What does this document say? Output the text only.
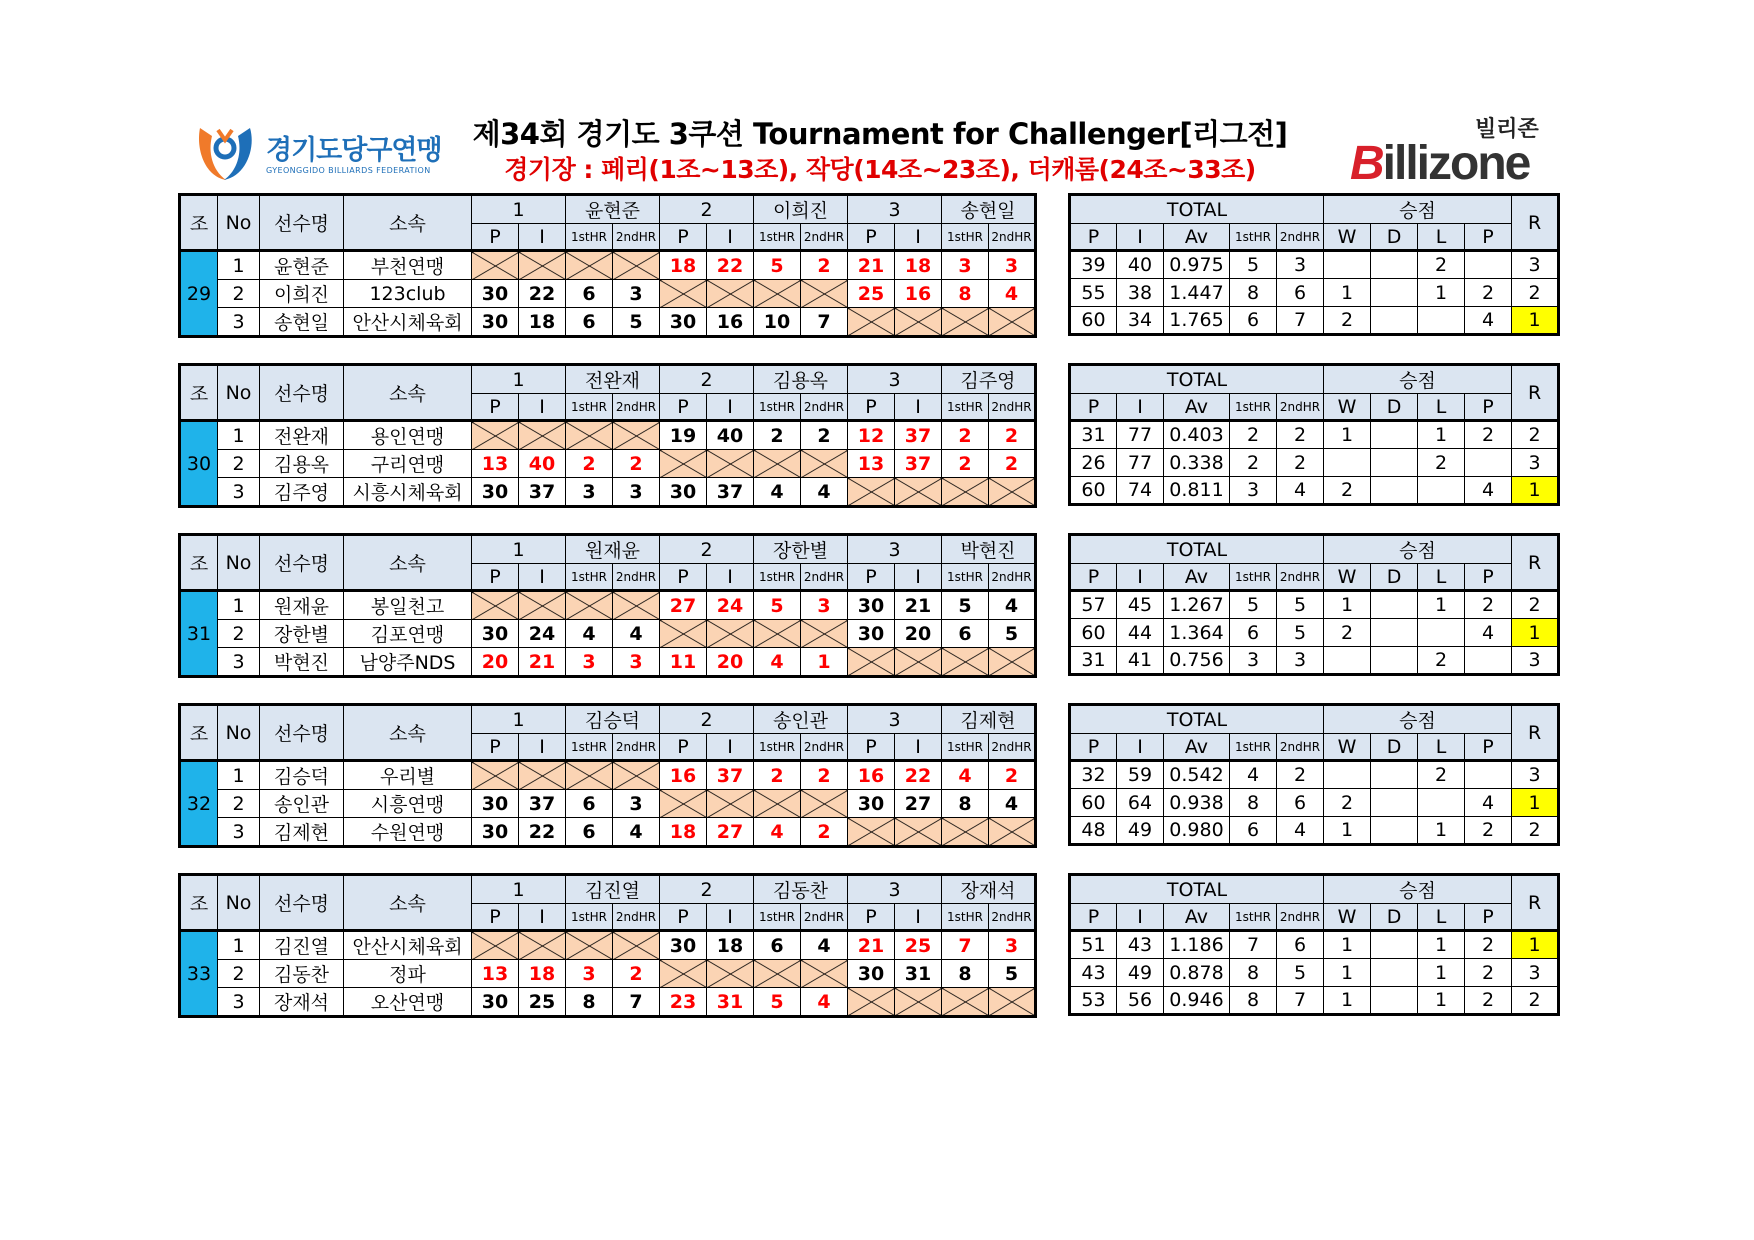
경기도당구연맹
GYEONGGIDO BILLIARDS FEDERATION
제34회 경기도 3쿠션 Tournament for Challenger[리그전]
경기장 : 페리(1조~13조), 작당(14조~23조), 더캐롬(24조~33조)
빌리존
Billizone
조	No	선수명	소속	1		윤현준		2		이희진		3		송현일	
				P	I	1stHR	2ndHR	P	I	1stHR	2ndHR	P	I	1stHR	2ndHR
29	1	윤현준	부천연맹					18	22	5	2	21	18	3	3
	2	이희진	123club	30	22	6	3					25	16	8	4
	3	송현일	안산시체육회	30	18	6	5	30	16	10	7				
TOTAL					승점				R
P	I	Av	1stHR	2ndHR	W	D	L	P	
39	40	0.975	5	3			2		3
55	38	1.447	8	6	1		1	2	2
60	34	1.765	6	7	2			4	1
조	No	선수명	소속	1		전완재		2		김용옥		3		김주영	
				P	I	1stHR	2ndHR	P	I	1stHR	2ndHR	P	I	1stHR	2ndHR
30	1	전완재	용인연맹					19	40	2	2	12	37	2	2
	2	김용옥	구리연맹	13	40	2	2					13	37	2	2
	3	김주영	시흥시체육회	30	37	3	3	30	37	4	4				
TOTAL					승점				R
P	I	Av	1stHR	2ndHR	W	D	L	P	
31	77	0.403	2	2	1		1	2	2
26	77	0.338	2	2			2		3
60	74	0.811	3	4	2			4	1
조	No	선수명	소속	1		원재윤		2		장한별		3		박현진	
				P	I	1stHR	2ndHR	P	I	1stHR	2ndHR	P	I	1stHR	2ndHR
31	1	원재윤	봉일천고					27	24	5	3	30	21	5	4
	2	장한별	김포연맹	30	24	4	4					30	20	6	5
	3	박현진	남양주NDS	20	21	3	3	11	20	4	1				
TOTAL					승점				R
P	I	Av	1stHR	2ndHR	W	D	L	P	
57	45	1.267	5	5	1		1	2	2
60	44	1.364	6	5	2			4	1
31	41	0.756	3	3			2		3
조	No	선수명	소속	1		김승덕		2		송인관		3		김제현	
				P	I	1stHR	2ndHR	P	I	1stHR	2ndHR	P	I	1stHR	2ndHR
32	1	김승덕	우리별					16	37	2	2	16	22	4	2
	2	송인관	시흥연맹	30	37	6	3					30	27	8	4
	3	김제현	수원연맹	30	22	6	4	18	27	4	2				
TOTAL					승점				R
P	I	Av	1stHR	2ndHR	W	D	L	P	
32	59	0.542	4	2			2		3
60	64	0.938	8	6	2			4	1
48	49	0.980	6	4	1		1	2	2
조	No	선수명	소속	1		김진열		2		김동찬		3		장재석	
				P	I	1stHR	2ndHR	P	I	1stHR	2ndHR	P	I	1stHR	2ndHR
33	1	김진열	안산시체육회					30	18	6	4	21	25	7	3
	2	김동찬	정파	13	18	3	2					30	31	8	5
	3	장재석	오산연맹	30	25	8	7	23	31	5	4				
TOTAL					승점				R
P	I	Av	1stHR	2ndHR	W	D	L	P	
51	43	1.186	7	6	1		1	2	1
43	49	0.878	8	5	1		1	2	3
53	56	0.946	8	7	1		1	2	2
